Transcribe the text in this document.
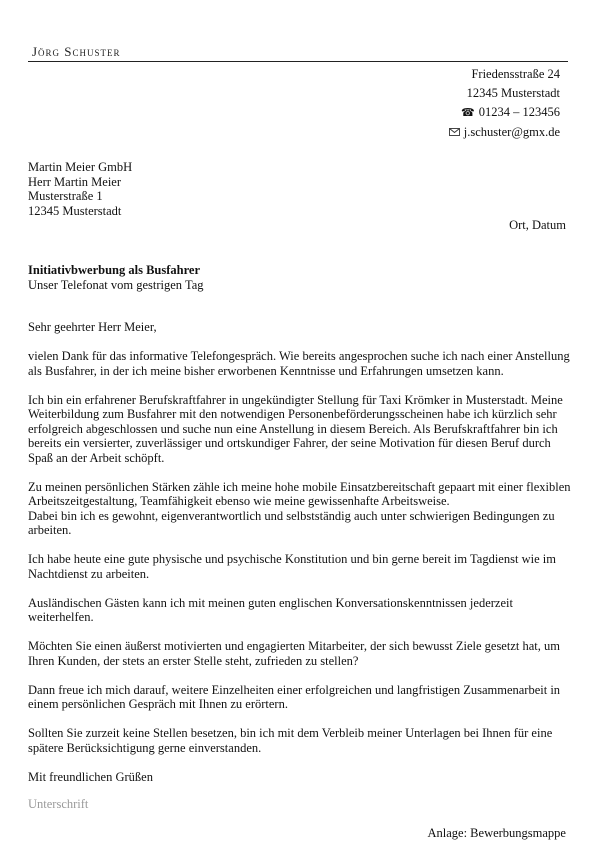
Jörg Schuster
Friedensstraße 24
12345 Musterstadt
☎ 01234 – 123456
j.schuster@gmx.de
Martin Meier GmbH
Herr Martin Meier
Musterstraße 1
12345 Musterstadt
Ort, Datum
Initiativbwerbung als Busfahrer
Unser Telefonat vom gestrigen Tag

Sehr geehrter Herr Meier,

vielen Dank für das informative Telefongespräch. Wie bereits angesprochen suche ich nach einer Anstellung als Busfahrer, in der ich meine bisher erworbenen Kenntnisse und Erfahrungen umsetzen kann.

Ich bin ein erfahrener Berufskraftfahrer in ungekündigter Stellung für Taxi Krömker in Musterstadt. Meine Weiterbildung zum Busfahrer mit den notwendigen Personenbeförderungsscheinen habe ich kürzlich sehr erfolgreich abgeschlossen und suche nun eine Anstellung in diesem Bereich. Als Berufskraftfahrer bin ich bereits ein versierter, zuverlässiger und ortskundiger Fahrer, der seine Motivation für diesen Beruf durch Spaß an der Arbeit schöpft.

Zu meinen persönlichen Stärken zähle ich meine hohe mobile Einsatzbereitschaft gepaart mit einer flexiblen Arbeitszeitgestaltung, Teamfähigkeit ebenso wie meine gewissenhafte Arbeitsweise.
Dabei bin ich es gewohnt, eigenverantwortlich und selbstständig auch unter schwierigen Bedingungen zu arbeiten.

Ich habe heute eine gute physische und psychische Konstitution und bin gerne bereit im Tagdienst wie im Nachtdienst zu arbeiten.

Ausländischen Gästen kann ich mit meinen guten englischen Konversationskenntnissen jederzeit weiterhelfen.

Möchten Sie einen äußerst motivierten und engagierten Mitarbeiter, der sich bewusst Ziele gesetzt hat, um Ihren Kunden, der stets an erster Stelle steht, zufrieden zu stellen?

Dann freue ich mich darauf, weitere Einzelheiten einer erfolgreichen und langfristigen Zusammenarbeit in einem persönlichen Gespräch mit Ihnen zu erörtern.

Sollten Sie zurzeit keine Stellen besetzen, bin ich mit dem Verbleib meiner Unterlagen bei Ihnen für eine spätere Berücksichtigung gerne einverstanden.

Mit freundlichen Grüßen

Unterschrift
Anlage: Bewerbungsmappe
